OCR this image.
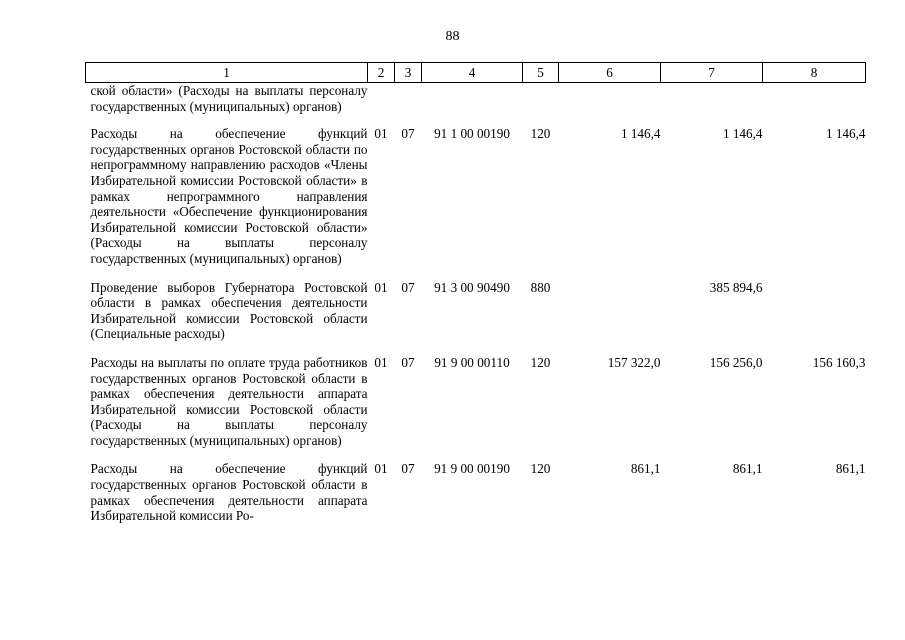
88
1	2	3	4	5	6	7	8
ской области» (Расходы на выплаты персоналу государственных (муниципальных) органов)							
Расходы на обеспечение функций государственных органов Ростовской области по непрограммному направлению расходов «Члены Избирательной комиссии Ростовской области» в рамках непрограммного направления деятельности «Обеспечение функционирования Избирательной комиссии Ростовской области» (Расходы на выплаты персоналу государственных (муниципальных) органов)	01	07	91 1 00 00190	120	1 146,4	1 146,4	1 146,4
Проведение выборов Губернатора Ростовской области в рамках обеспечения деятельности Избирательной комиссии Ростовской области (Специальные расходы)	01	07	91 3 00 90490	880		385 894,6	
Расходы на выплаты по оплате труда работников государственных органов Ростовской области в рамках обеспечения деятельности аппарата Избирательной комиссии Ростовской области (Расходы на выплаты персоналу государственных (муниципальных) органов)	01	07	91 9 00 00110	120	157 322,0	156 256,0	156 160,3
Расходы на обеспечение функций государственных органов Ростовской области в рамках обеспечения деятельности аппарата Избирательной комиссии Ро-	01	07	91 9 00 00190	120	861,1	861,1	861,1
